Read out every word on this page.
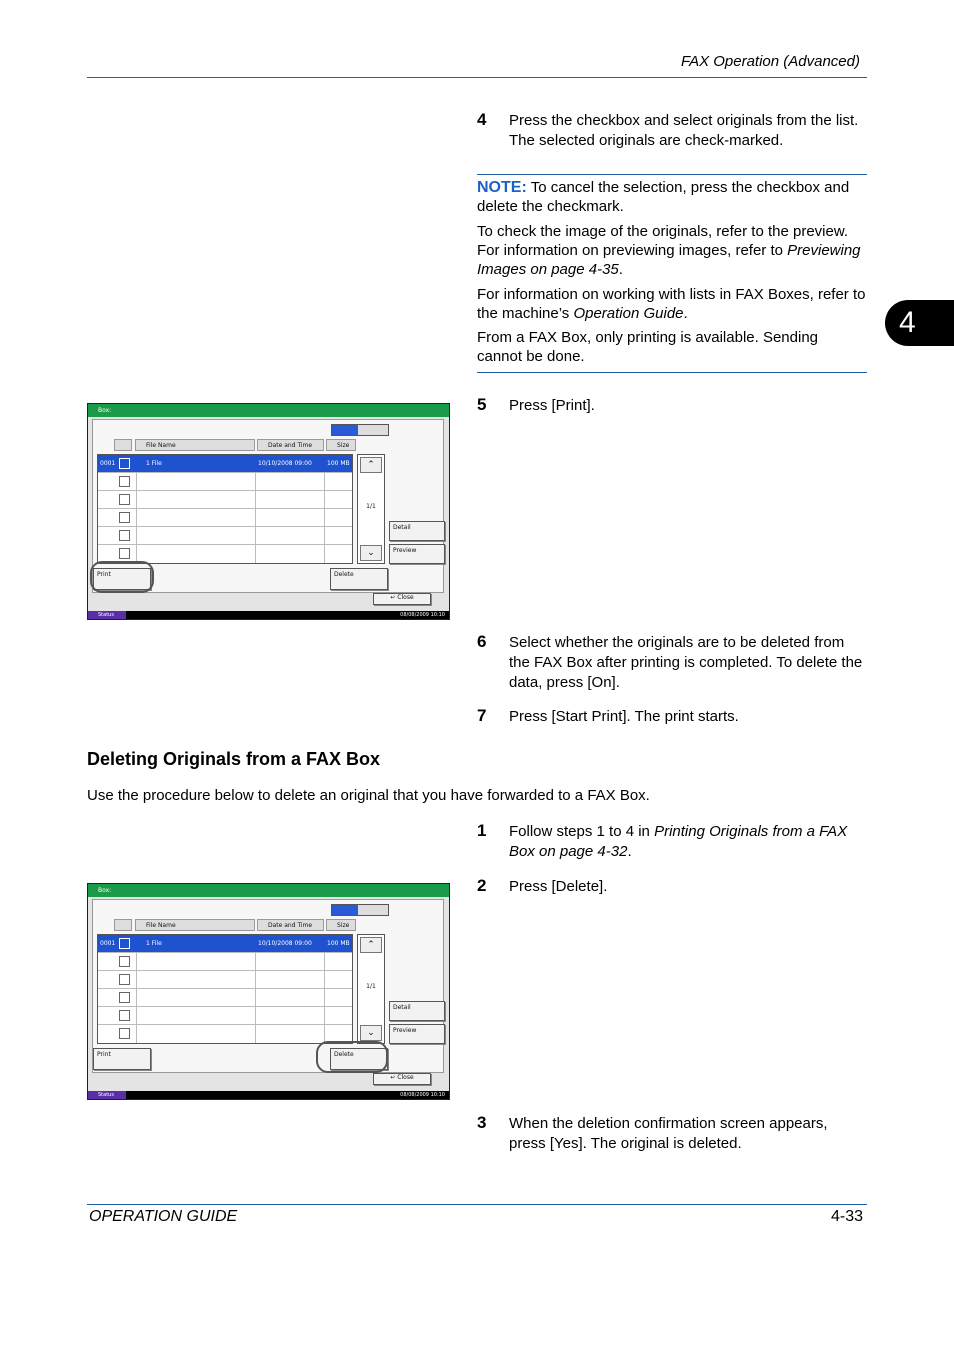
FAX Operation (Advanced)
4
4 Press the checkbox and select originals from the list. The selected originals are check-marked.
NOTE: To cancel the selection, press the checkbox and delete the checkmark.
To check the image of the originals, refer to the preview. For information on previewing images, refer to Previewing Images on page 4-35.
For information on working with lists in FAX Boxes, refer to the machine’s Operation Guide.
From a FAX Box, only printing is available. Sending cannot be done.
5 Press [Print].
Box:
File Name	Date and Time	Size
0001	1 File	10/10/2008 09:00	100 MB	⌃
1/1
⌄
Detail
Preview
Print	Delete
↵ Close
Status	08/08/2009 10:10
6 Select whether the originals are to be deleted from the FAX Box after printing is completed. To delete the data, press [On].
7 Press [Start Print]. The print starts.
Deleting Originals from a FAX Box
Use the procedure below to delete an original that you have forwarded to a FAX Box.
1 Follow steps 1 to 4 in Printing Originals from a FAX Box on page 4-32.
2 Press [Delete].
Box:
File Name	Date and Time	Size
0001	1 File	10/10/2008 09:00	100 MB	⌃
1/1
⌄
Detail
Preview
Print	Delete
↵ Close
Status	08/08/2009 10:10
3 When the deletion confirmation screen appears, press [Yes]. The original is deleted.
OPERATION GUIDE	4-33
